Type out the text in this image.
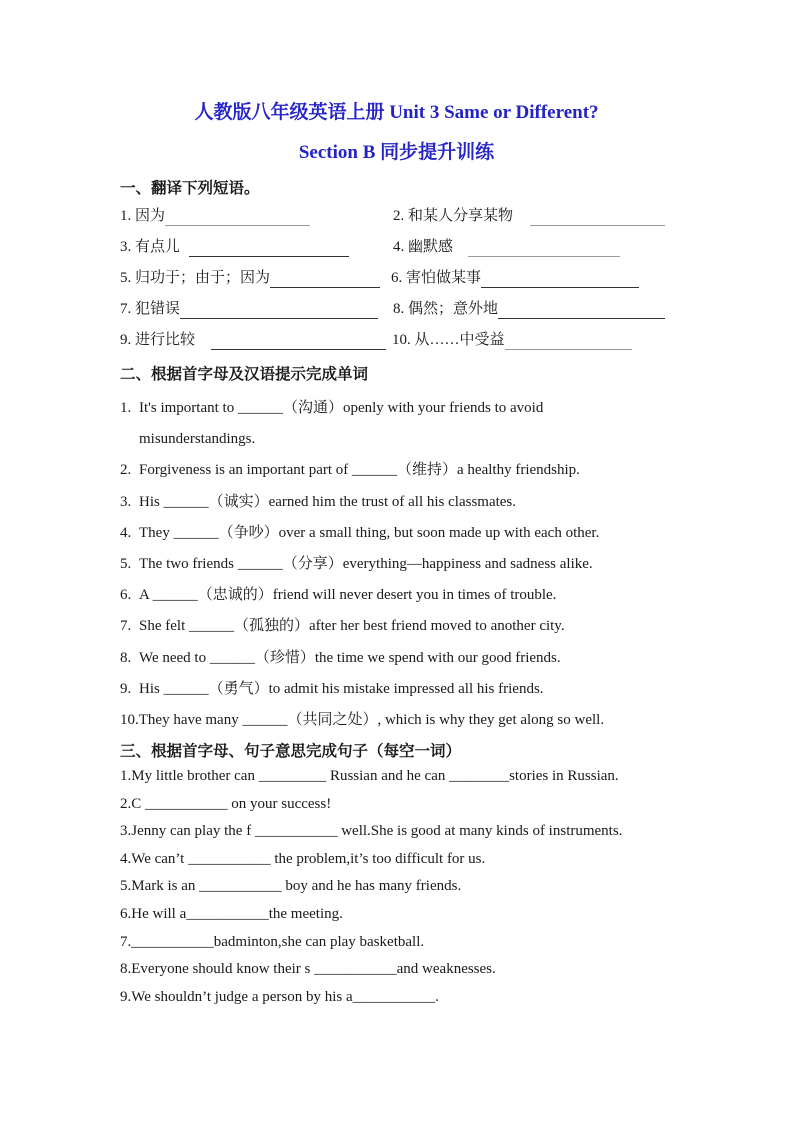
人教版八年级英语上册 Unit 3 Same or Different?
Section B 同步提升训练
一、翻译下列短语。
1. 因为	2. 和某人分享某物
3. 有点儿	4. 幽默感
5. 归功于；由于；因为	6. 害怕做某事
7. 犯错误	8. 偶然；意外地
9. 进行比较	10. 从……中受益
二、根据首字母及汉语提示完成单词
1. It's important to ______（沟通）openly with your friends to avoid
misunderstandings.
2. Forgiveness is an important part of ______（维持）a healthy friendship.
3. His ______（诚实）earned him the trust of all his classmates.
4. They ______（争吵）over a small thing, but soon made up with each other.
5. The two friends ______（分享）everything—happiness and sadness alike.
6. A ______（忠诚的）friend will never desert you in times of trouble.
7. She felt ______（孤独的）after her best friend moved to another city.
8. We need to ______（珍惜）the time we spend with our good friends.
9. His ______（勇气）to admit his mistake impressed all his friends.
10.They have many ______（共同之处）, which is why they get along so well.
三、根据首字母、句子意思完成句子（每空一词）
1.My little brother can _________ Russian and he can ________stories in Russian.
2.C ___________ on your success!
3.Jenny can play the f ___________ well.She is good at many kinds of instruments.
4.We can’t ___________ the problem,it’s too difficult for us.
5.Mark is an ___________ boy and he has many friends.
6.He will a___________the meeting.
7.___________badminton,she can play basketball.
8.Everyone should know their s ___________and weaknesses.
9.We shouldn’t judge a person by his a___________.
